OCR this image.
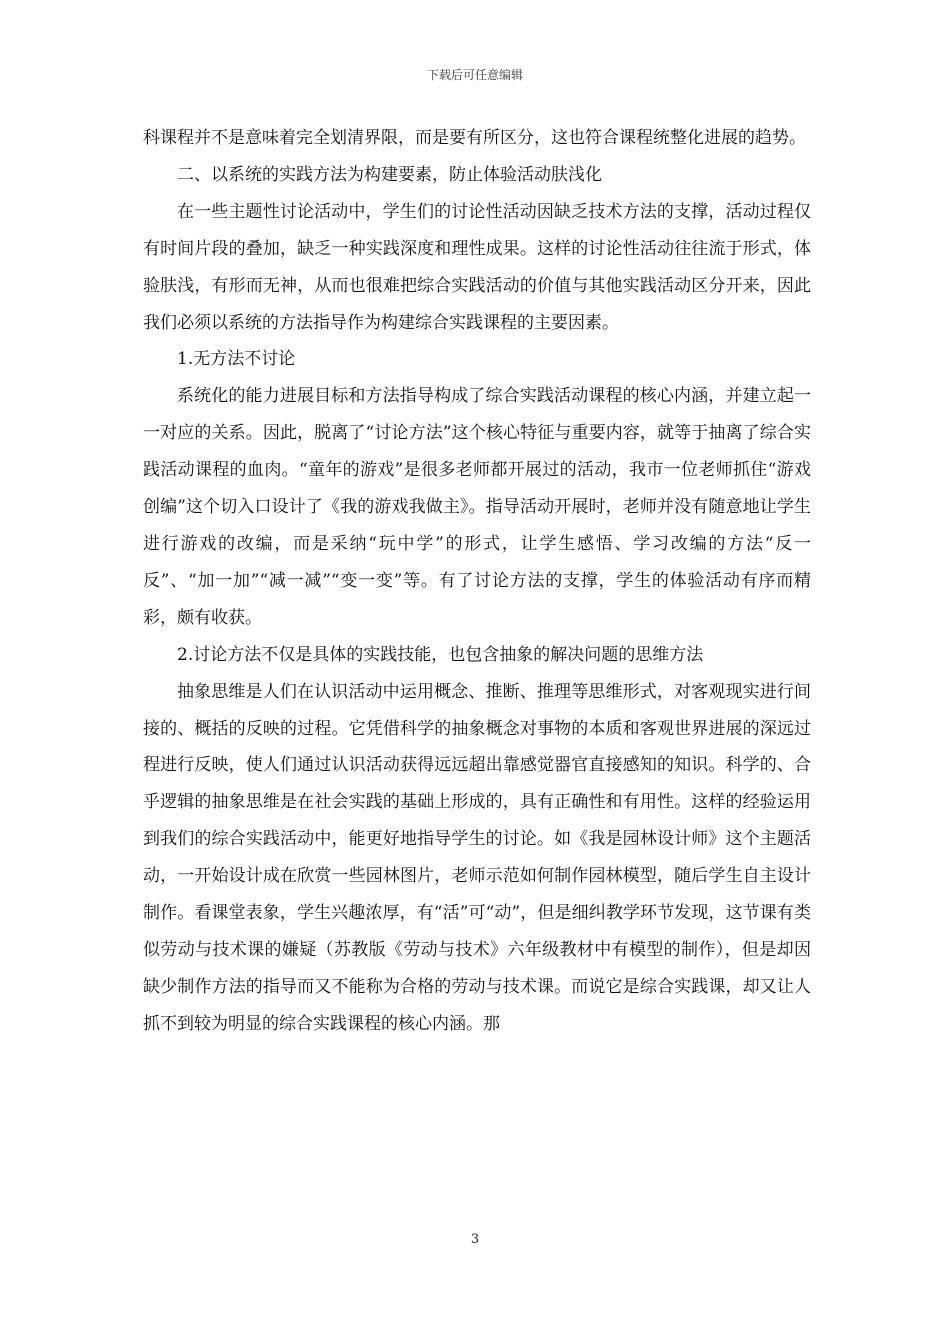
下载后可任意编辑

科课程并不是意味着完全划清界限，而是要有所区分，这也符合课程统整化进展的趋势。

二、以系统的实践方法为构建要素，防止体验活动肤浅化

在一些主题性讨论活动中，学生们的讨论性活动因缺乏技术方法的支撑，活动过程仅有时间片段的叠加，缺乏一种实践深度和理性成果。这样的讨论性活动往往流于形式，体验肤浅，有形而无神，从而也很难把综合实践活动的价值与其他实践活动区分开来，因此我们必须以系统的方法指导作为构建综合实践课程的主要因素。

1.无方法不讨论

系统化的能力进展目标和方法指导构成了综合实践活动课程的核心内涵，并建立起一一对应的关系。因此，脱离了“讨论方法”这个核心特征与重要内容，就等于抽离了综合实践活动课程的血肉。“童年的游戏”是很多老师都开展过的活动，我市一位老师抓住“游戏创编”这个切入口设计了《我的游戏我做主》。指导活动开展时，老师并没有随意地让学生进行游戏的改编，而是采纳“玩中学”的形式，让学生感悟、学习改编的方法“反一反”、“加一加”“减一减”“变一变”等。有了讨论方法的支撑，学生的体验活动有序而精彩，颇有收获。

2.讨论方法不仅是具体的实践技能，也包含抽象的解决问题的思维方法

抽象思维是人们在认识活动中运用概念、推断、推理等思维形式，对客观现实进行间接的、概括的反映的过程。它凭借科学的抽象概念对事物的本质和客观世界进展的深远过程进行反映，使人们通过认识活动获得远远超出靠感觉器官直接感知的知识。科学的、合乎逻辑的抽象思维是在社会实践的基础上形成的，具有正确性和有用性。这样的经验运用到我们的综合实践活动中，能更好地指导学生的讨论。如《我是园林设计师》这个主题活动，一开始设计成在欣赏一些园林图片，老师示范如何制作园林模型，随后学生自主设计制作。看课堂表象，学生兴趣浓厚，有“活”可“动”，但是细纠教学环节发现，这节课有类似劳动与技术课的嫌疑（苏教版《劳动与技术》六年级教材中有模型的制作），但是却因缺少制作方法的指导而又不能称为合格的劳动与技术课。而说它是综合实践课，却又让人抓不到较为明显的综合实践课程的核心内涵。那

3
